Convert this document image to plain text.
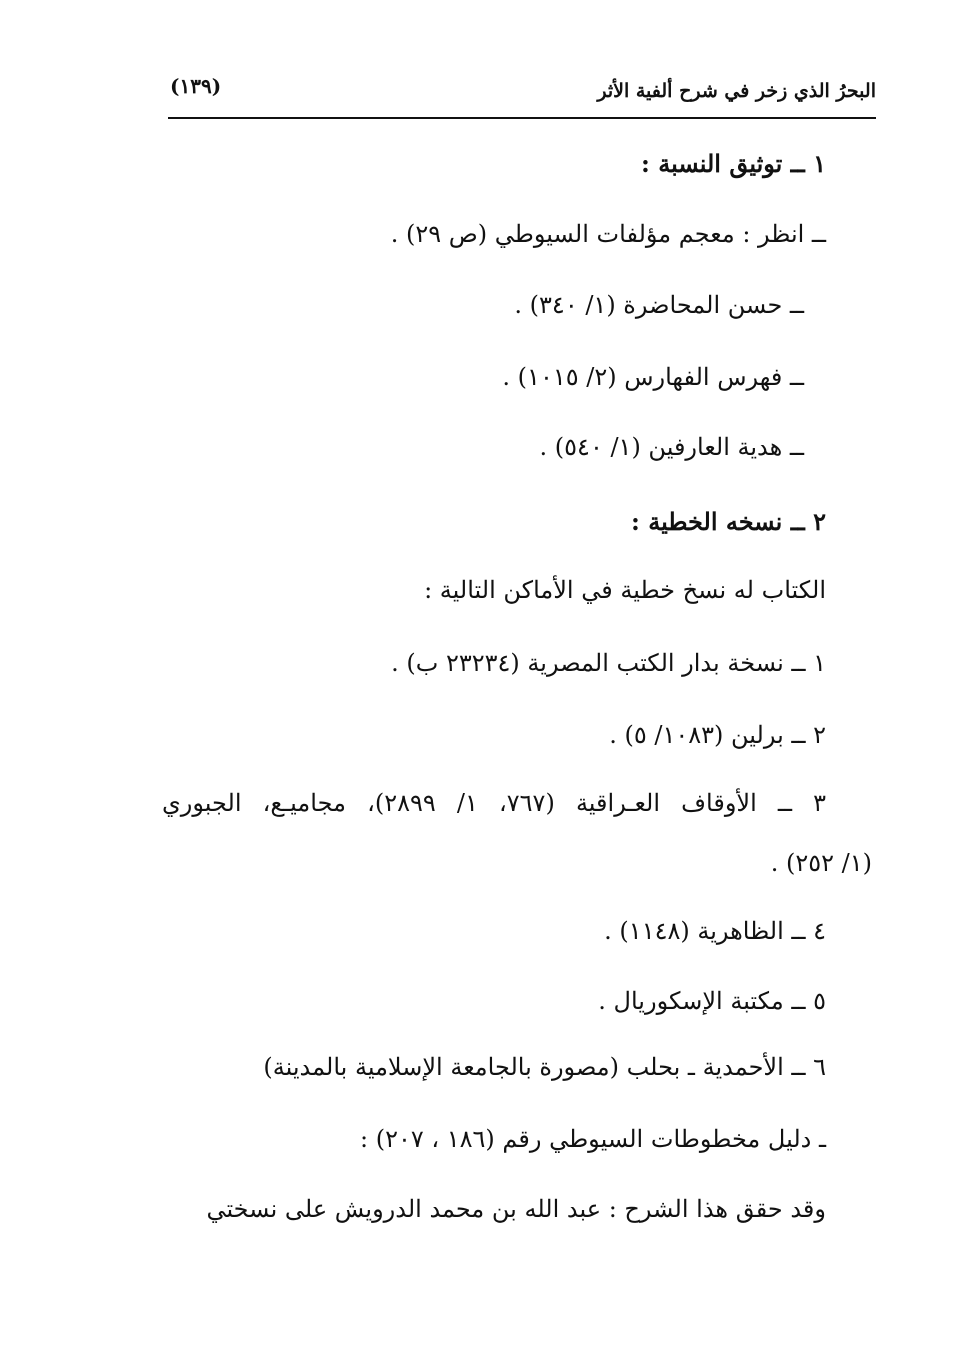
البحرُ الذي زخر في شرح ألفية الأثر
(١٣٩)
١ ــ توثيق النسبة :
ــ انظر : معجم مؤلفات السيوطي (ص ٢٩) .
ــ حسن المحاضرة (١/ ٣٤٠) .
ــ فهرس الفهارس (٢/ ١٠١٥) .
ــ هدية العارفين (١/ ٥٤٠) .
٢ ــ نسخه الخطية :
الكتاب له نسخ خطية في الأماكن التالية :
١ ــ نسخة بدار الكتب المصرية (٢٣٢٣٤ ب) .
٢ ــ برلين (١٠٨٣/ ٥) .
٣ ــ الأوقاف العـراقية (٧٦٧، ١/ ٢٨٩٩)، مجاميـع، الجبوري
(١/ ٢٥٢) .
٤ ــ الظاهرية (١١٤٨) .
٥ ــ مكتبة الإسكوريال .
٦ ــ الأحمدية ـ بحلب (مصورة بالجامعة الإسلامية بالمدينة)
ـ دليل مخطوطات السيوطي رقم (١٨٦ ، ٢٠٧) :
وقد حقق هذا الشرح : عبد الله بن محمد الدرويش على نسختي
